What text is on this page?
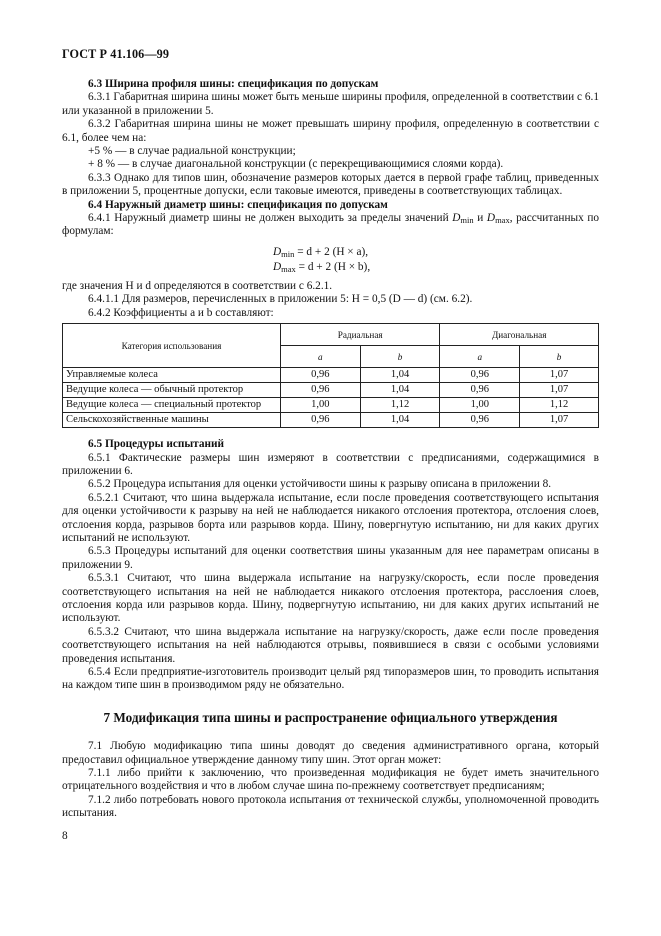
ГОСТ Р 41.106—99

6.3 Ширина профиля шины: спецификация по допускам

6.3.1 Габаритная ширина шины может быть меньше ширины профиля, определенной в соответствии с 6.1 или указанной в приложении 5.

6.3.2 Габаритная ширина шины не может превышать ширину профиля, определенную в соответствии с 6.1, более чем на:

+5 % — в случае радиальной конструкции;

+ 8 % — в случае диагональной конструкции (с перекрещивающимися слоями корда).

6.3.3 Однако для типов шин, обозначение размеров которых дается в первой графе таблиц, приведенных в приложении 5, процентные допуски, если таковые имеются, приведены в соответствующих таблицах.

6.4 Наружный диаметр шины: спецификация по допускам

6.4.1 Наружный диаметр шины не должен выходить за пределы значений $D_{min}$ и $D_{max}$, рассчитанных по формулам:

$D_{min} = d + 2$ (H × a),
$D_{max} = d + 2$ (H × b),

где значения H и d определяются в соответствии с 6.2.1.

6.4.1.1 Для размеров, перечисленных в приложении 5: H = 0,5 (D — d) (см. 6.2).

6.4.2 Коэффициенты a и b составляют:

Категория использования	Радиальная		Диагональная	
	a	b	a	b
Управляемые колеса	0,96	1,04	0,96	1,07
Ведущие колеса — обычный протектор	0,96	1,04	0,96	1,07
Ведущие колеса — специальный протектор	1,00	1,12	1,00	1,12
Сельскохозяйственные машины	0,96	1,04	0,96	1,07

6.5 Процедуры испытаний

6.5.1 Фактические размеры шин измеряют в соответствии с предписаниями, содержащимися в приложении 6.

6.5.2 Процедура испытания для оценки устойчивости шины к разрыву описана в приложении 8.

6.5.2.1 Считают, что шина выдержала испытание, если после проведения соответствующего испытания для оценки устойчивости к разрыву на ней не наблюдается никакого отслоения протектора, отслоения слоев, отслоения корда, разрывов борта или разрывов корда. Шину, повергнутую испытанию, ни для каких других испытаний не используют.

6.5.3 Процедуры испытаний для оценки соответствия шины указанным для нее параметрам описаны в приложении 9.

6.5.3.1 Считают, что шина выдержала испытание на нагрузку/скорость, если после проведения соответствующего испытания на ней не наблюдается никакого отслоения протектора, расслоения слоев, отслоения корда или разрывов корда. Шину, подвергнутую испытанию, ни для каких других испытаний не используют.

6.5.3.2 Считают, что шина выдержала испытание на нагрузку/скорость, даже если после проведения соответствующего испытания на ней наблюдаются отрывы, появившиеся в связи с особыми условиями проведения испытания.

6.5.4 Если предприятие-изготовитель производит целый ряд типоразмеров шин, то проводить испытания на каждом типе шин в производимом ряду не обязательно.

7 Модификация типа шины и распространение официального утверждения

7.1 Любую модификацию типа шины доводят до сведения административного органа, который предоставил официальное утверждение данному типу шин. Этот орган может:

7.1.1 либо прийти к заключению, что произведенная модификация не будет иметь значительного отрицательного воздействия и что в любом случае шина по-прежнему соответствует предписаниям;

7.1.2 либо потребовать нового протокола испытания от технической службы, уполномоченной проводить испытания.

8
